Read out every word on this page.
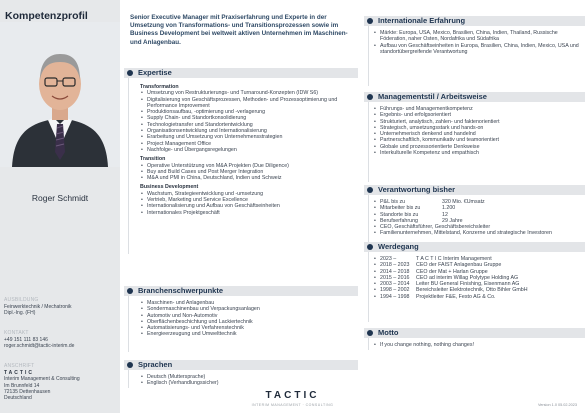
Kompetenzprofil
Roger Schmidt
AUSBILDUNG
Feinwerktechnik / Mechatronik
Dipl.-Ing. (FH)
KONTAKT
+49 151 111 83 146
roger.schmidt@tactic-interim.de
ANSCHRIFT
TACTIC
Interim Management & Consulting
Im Brunnfeld 14
72135 Dettenhausen
Deutschland
Senior Executive Manager mit Praxiserfahrung und Experte in der Umsetzung von Transformations- und Transitionsprozessen sowie im Business Development bei weltweit aktiven Unternehmen im Maschinen- und Anlagenbau.
Expertise
Transformation
• Umsetzung von Restrukturierungs- und Turnaround-Konzepten (IDW S6)
• Digitalisierung von Geschäftsprozessen, Methoden- und Prozessoptimierung und Performance Improvement
• Produktionsaufbau, -optimierung und -verlagerung
• Supply Chain- und Standortkonsolidierung
• Technologietransfer und Standortentwicklung
• Organisationsentwicklung und Internationalisierung
• Erarbeitung und Umsetzung von Unternehmensstrategien
• Project Management Office
• Nachfolge- und Übergangsregelungen
Transition
• Operative Unterstützung von M&A Projekten (Due Diligence)
• Buy and Build Cases und Post Merger Integration
• M&A und PMI in China, Deutschland, Indien und Schweiz
Business Development
• Wachstum, Strategieentwicklung und -umsetzung
• Vertrieb, Marketing und Service Excellence
• Internationalisierung und Aufbau von Geschäftseinheiten
• Internationales Projektgeschäft
Branchenschwerpunkte
• Maschinen- und Anlagenbau
• Sondermaschinenbau und Verpackungsanlagen
• Automotiv und Non-Automotiv
• Oberflächenbeschichtung und Lackiertechnik
• Automatisierungs- und Verfahrenstechnik
• Energieerzeugung und Umwelttechnik
Sprachen
• Deutsch (Muttersprache)
• Englisch (Verhandlungssicher)
Internationale Erfahrung
• Märkte: Europa, USA, Mexico, Brasilien, China, Indien, Thailand, Russische Föderation, naher Osten, Nordafrika und Südafrika
• Aufbau von Geschäftseinheiten in Europa, Brasilien, China, Indien, Mexico, USA und standortübergreifende Verantwortung
Managementstil / Arbeitsweise
• Führungs- und Managementkompetenz
• Ergebnis- und erfolgsorientiert
• Strukturiert, analytisch, zahlen- und faktenorientiert
• Strategisch, umsetzungsstark und hands-on
• Unternehmerisch denkend und handelnd
• Partnerschaftlich, kommunikativ und teamorientiert
• Globale und prozessorientierte Denkweise
• Interkulturelle Kompetenz und empathisch
Verantwortung bisher
• P&L bis zu	320 Mio. €Umsatz
• Mitarbeiter bis zu	1.200
• Standorte bis zu	12
• Berufserfahrung	29 Jahre
• CEO, Geschäftsführer, Geschäftsbereichsleiter
• Familienunternehmen, Mittelstand, Konzerne und strategische Investoren
Werdegang
• 2023 –	T A C T I C Interim Management
• 2018 – 2023	CEO der FAIST Anlagenbau Gruppe
• 2014 – 2018	CEO der Mat + Harlan Gruppe
• 2015 – 2016	CEO ad interim Willag Polytype Holding AG
• 2003 – 2014	Leiter BU General Finishing, Eisenmann AG
• 1998 – 2002	Bereichsleiter Elektrotechnik, Otto Bihler GmbH
• 1994 – 1998	Projektleiter F&E, Festo AG & Co.
Motto
• If you change nothing, nothing changes!
TACTIC
INTERIM MANAGEMENT · CONSULTING	Version 1.0 05.02.2023
